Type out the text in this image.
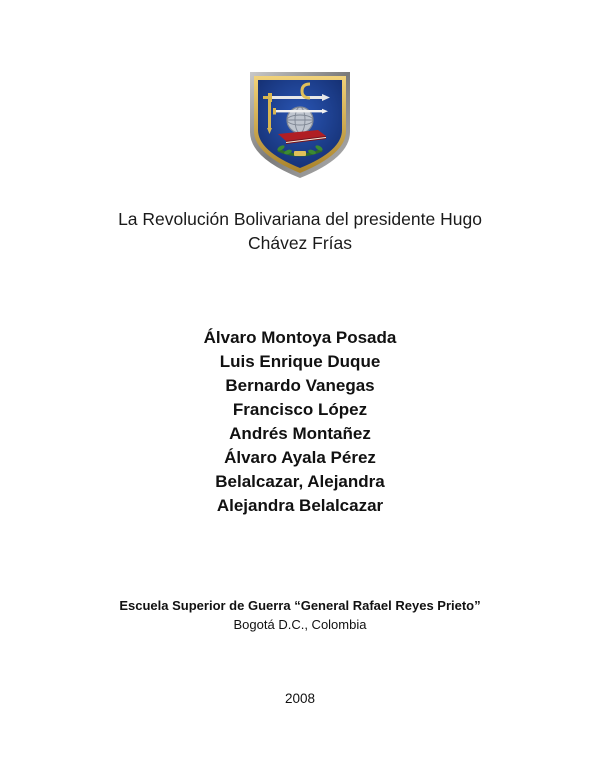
La Revolución Bolivariana del presidente Hugo
Chávez Frías
Álvaro Montoya Posada
Luis Enrique Duque
Bernardo Vanegas
Francisco López
Andrés Montañez
Álvaro Ayala Pérez
Belalcazar, Alejandra
Alejandra Belalcazar
Escuela Superior de Guerra “General Rafael Reyes Prieto”
Bogotá D.C., Colombia
2008
